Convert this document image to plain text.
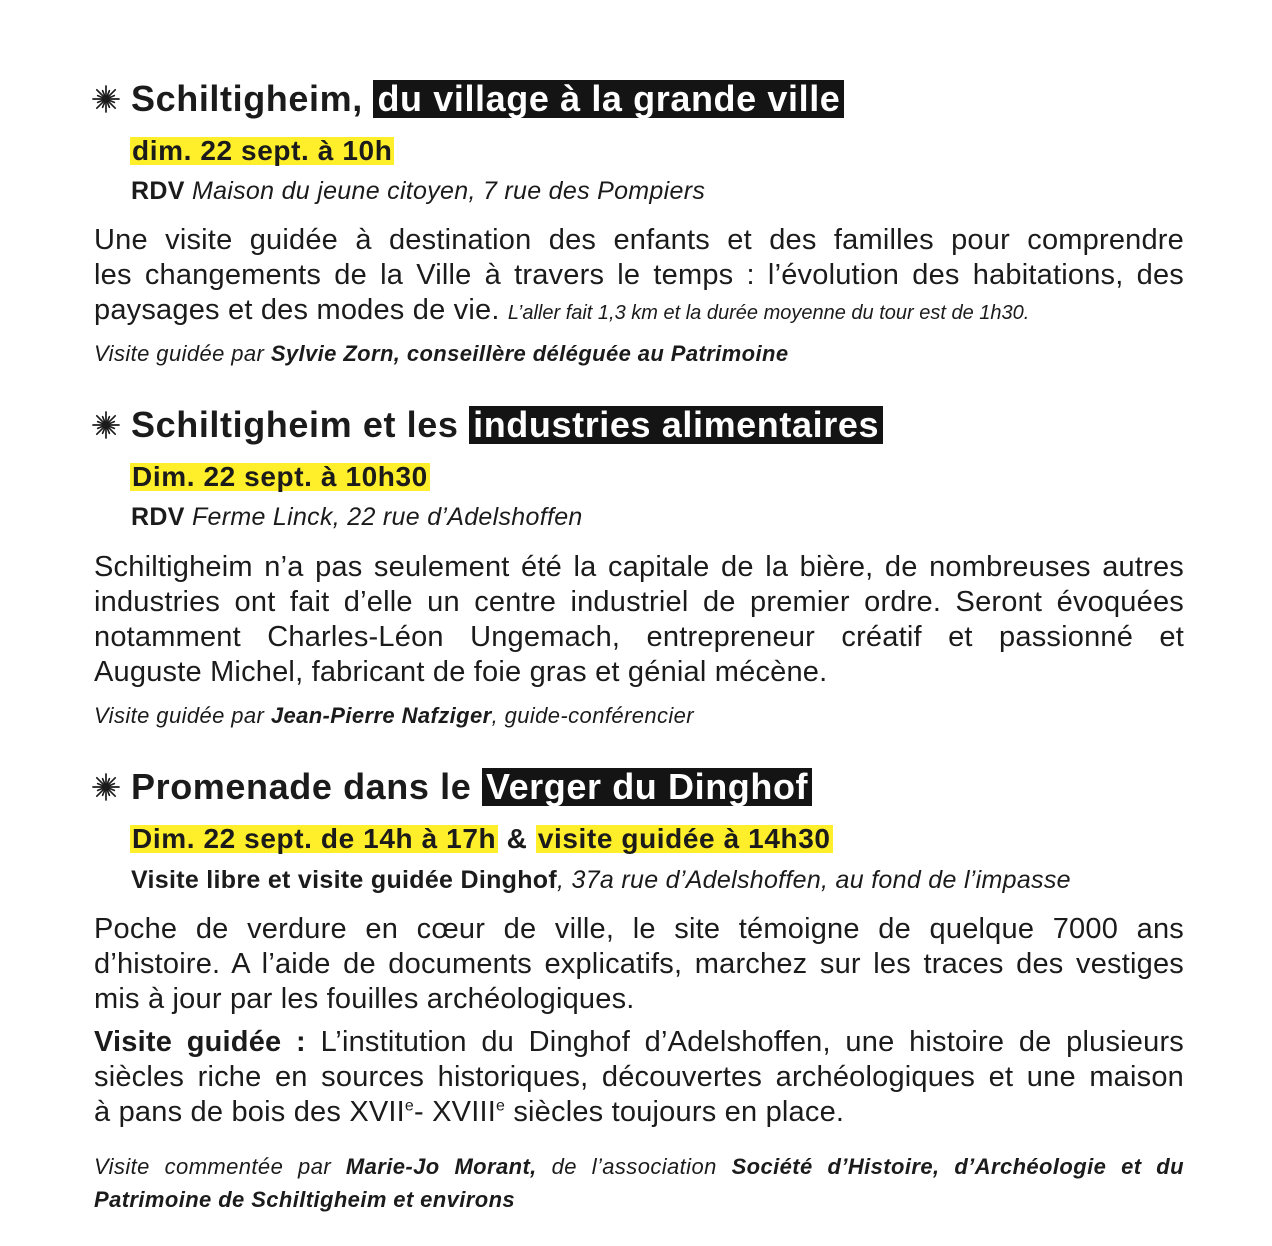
Schiltigheim, du village à la grande ville
dim. 22 sept. à 10h
RDV Maison du jeune citoyen, 7 rue des Pompiers
Une visite guidée à destination des enfants et des familles pour comprendre
les changements de la Ville à travers le temps : l’évolution des habitations, des
paysages et des modes de vie. L’aller fait 1,3 km et la durée moyenne du tour est de 1h30.
Visite guidée par Sylvie Zorn, conseillère déléguée au Patrimoine
Schiltigheim et les industries alimentaires
Dim. 22 sept. à 10h30
RDV Ferme Linck, 22 rue d’Adelshoffen
Schiltigheim n’a pas seulement été la capitale de la bière, de nombreuses autres
industries ont fait d’elle un centre industriel de premier ordre. Seront évoquées
notamment Charles-Léon Ungemach, entrepreneur créatif et passionné et
Auguste Michel, fabricant de foie gras et génial mécène.
Visite guidée par Jean-Pierre Nafziger, guide-conférencier
Promenade dans le Verger du Dinghof
Dim. 22 sept. de 14h à 17h & visite guidée à 14h30
Visite libre et visite guidée Dinghof, 37a rue d’Adelshoffen, au fond de l’impasse
Poche de verdure en cœur de ville, le site témoigne de quelque 7000 ans
d’histoire. A l’aide de documents explicatifs, marchez sur les traces des vestiges
mis à jour par les fouilles archéologiques.
Visite guidée : L’institution du Dinghof d’Adelshoffen, une histoire de plusieurs
siècles riche en sources historiques, découvertes archéologiques et une maison
à pans de bois des XVIIe- XVIIIe siècles toujours en place.
Visite commentée par Marie-Jo Morant, de l’association Société d’Histoire, d’Archéologie et du
Patrimoine de Schiltigheim et environs
